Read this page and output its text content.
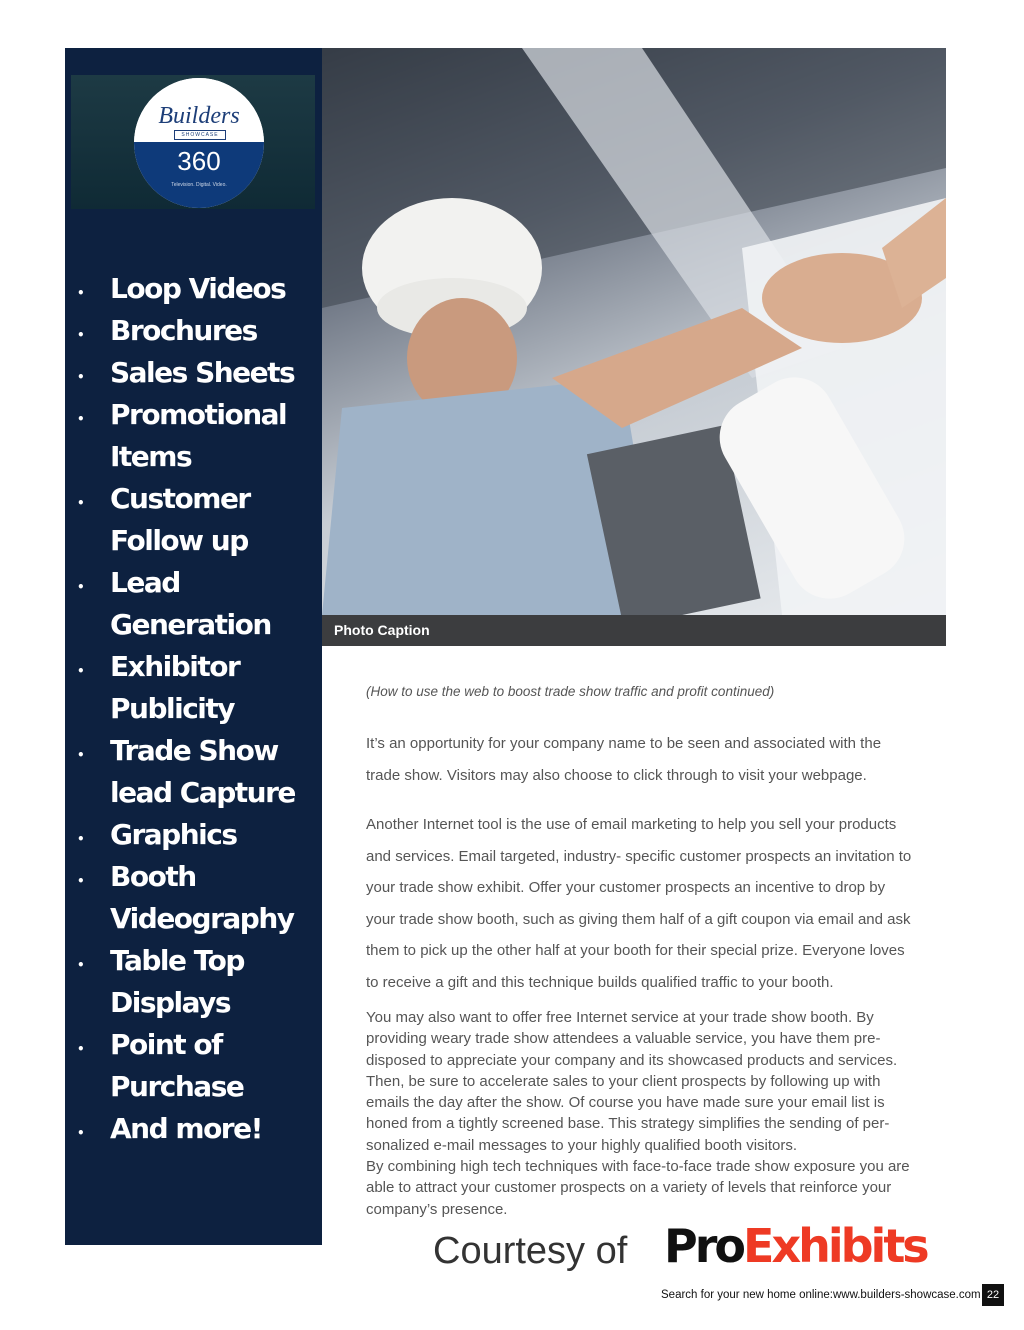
Builders
SHOWCASE
360
Television. Digital. Video.
• Loop Videos
• Brochures
• Sales Sheets
• Promotional
Items
• Customer
Follow up
• Lead
Generation
• Exhibitor
Publicity
• Trade Show
lead Capture
• Graphics
• Booth
Videography
• Table Top
Displays
• Point of
Purchase
• And more!
Photo Caption

(How to use the web to boost trade show traffic and profit continued)

It’s an opportunity for your company name to be seen and associated with the
trade show. Visitors may also choose to click through to visit your webpage.

Another Internet tool is the use of email marketing to help you sell your products
and services. Email targeted, industry- specific customer prospects an invitation to
your trade show exhibit. Offer your customer prospects an incentive to drop by
your trade show booth, such as giving them half of a gift coupon via email and ask
them to pick up the other half at your booth for their special prize. Everyone loves
to receive a gift and this technique builds qualified traffic to your booth.

You may also want to offer free Internet service at your trade show booth. By
providing weary trade show attendees a valuable service, you have them pre-
disposed to appreciate your company and its showcased products and services.
Then, be sure to accelerate sales to your client prospects by following up with
emails the day after the show. Of course you have made sure your email list is
honed from a tightly screened base. This strategy simplifies the sending of per-
sonalized e-mail messages to your highly qualified booth visitors.
By combining high tech techniques with face-to-face trade show exposure you are
able to attract your customer prospects on a variety of levels that reinforce your
company’s presence.

Courtesy of ProExhibits
Search for your new home online:www.builders-showcase.com 22
